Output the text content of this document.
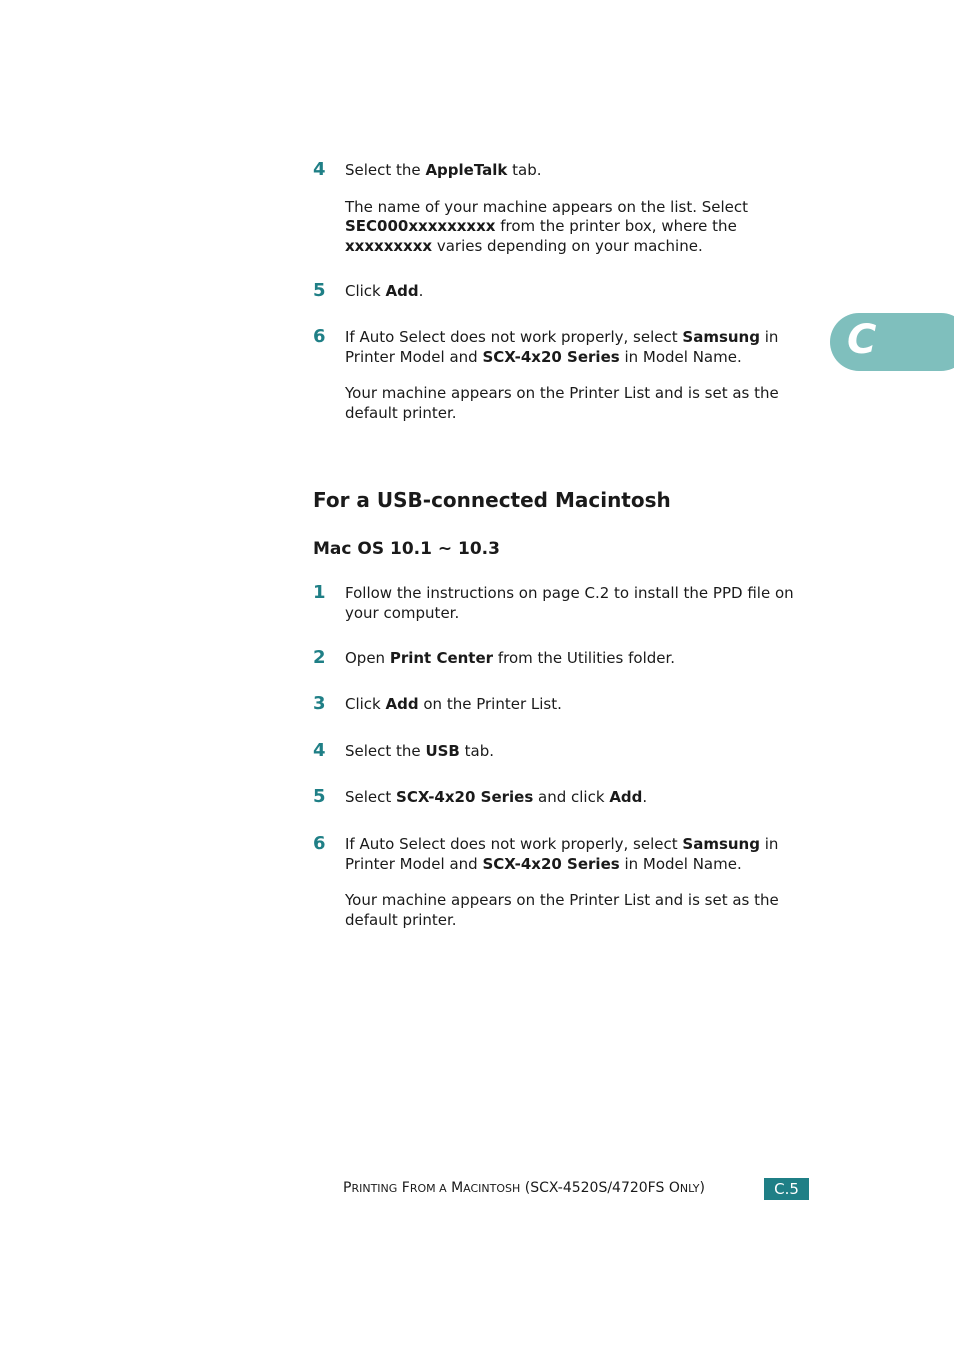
C
4 Select the AppleTalk tab.
The name of your machine appears on the list. Select
SEC000xxxxxxxxx from the printer box, where the
xxxxxxxxx varies depending on your machine.
5 Click Add.
6 If Auto Select does not work properly, select Samsung in
Printer Model and SCX-4x20 Series in Model Name.
Your machine appears on the Printer List and is set as the
default printer.
For a USB-connected Macintosh
Mac OS 10.1 ~ 10.3
1 Follow the instructions on page C.2 to install the PPD file on
your computer.
2 Open Print Center from the Utilities folder.
3 Click Add on the Printer List.
4 Select the USB tab.
5 Select SCX-4x20 Series and click Add.
6 If Auto Select does not work properly, select Samsung in
Printer Model and SCX-4x20 Series in Model Name.
Your machine appears on the Printer List and is set as the
default printer.
PRINTING FROM A MACINTOSH (SCX-4520S/4720FS ONLY)	C.5
